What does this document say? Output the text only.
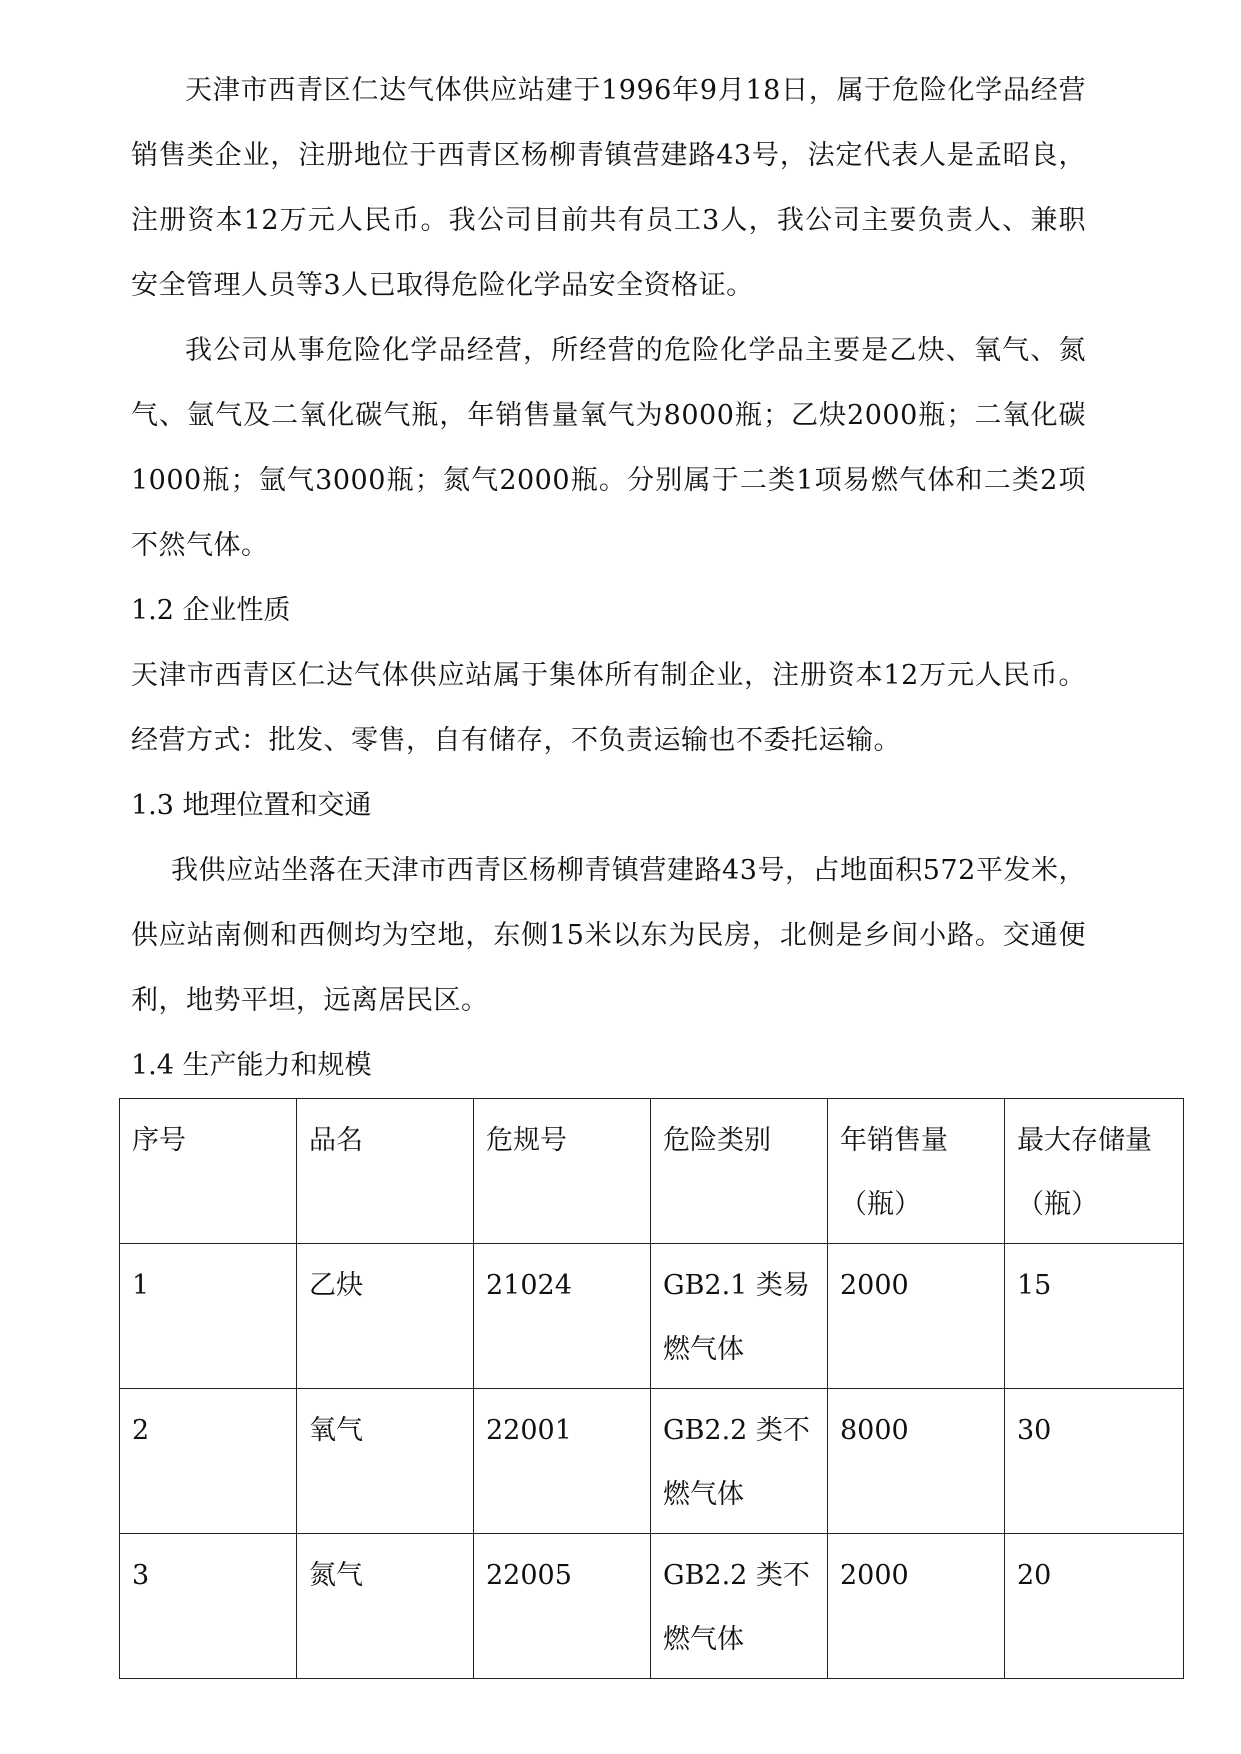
天津市西青区仁达气体供应站建于1996年9月18日，属于危险化学品经营销售类企业，注册地位于西青区杨柳青镇营建路43号，法定代表人是孟昭良，注册资本12万元人民币。我公司目前共有员工3人，我公司主要负责人、兼职安全管理人员等3人已取得危险化学品安全资格证。

我公司从事危险化学品经营，所经营的危险化学品主要是乙炔、氧气、氮气、氩气及二氧化碳气瓶，年销售量氧气为8000瓶；乙炔2000瓶；二氧化碳1000瓶；氩气3000瓶；氮气2000瓶。分别属于二类1项易燃气体和二类2项不然气体。

1.2 企业性质

天津市西青区仁达气体供应站属于集体所有制企业，注册资本12万元人民币。经营方式：批发、零售，自有储存，不负责运输也不委托运输。

1.3 地理位置和交通

我供应站坐落在天津市西青区杨柳青镇营建路43号，占地面积572平发米，供应站南侧和西侧均为空地，东侧15米以东为民房，北侧是乡间小路。交通便利，地势平坦，远离居民区。

1.4 生产能力和规模

序号	品名	危规号	危险类别	年销售量（瓶）	最大存储量（瓶）
1	乙炔	21024	GB2.1 类易燃气体	2000	15
2	氧气	22001	GB2.2 类不燃气体	8000	30
3	氮气	22005	GB2.2 类不燃气体	2000	20
